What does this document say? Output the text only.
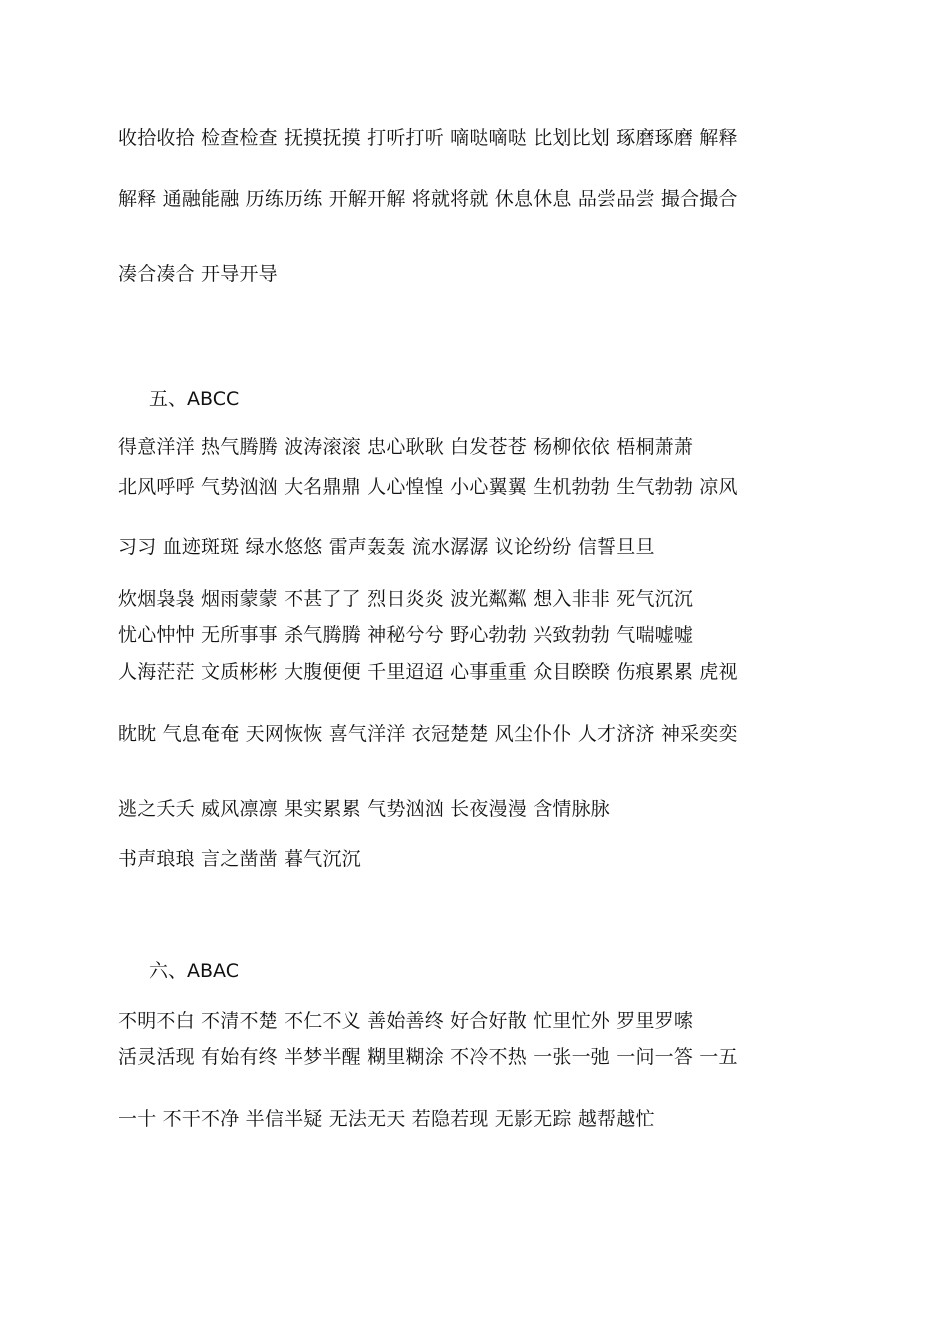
收拾收拾 检查检查 抚摸抚摸 打听打听 嘀哒嘀哒 比划比划 琢磨琢磨 解释
解释 通融能融 历练历练 开解开解 将就将就 休息休息 品尝品尝 撮合撮合
凑合凑合 开导开导
五、ABCC
得意洋洋 热气腾腾 波涛滚滚 忠心耿耿 白发苍苍 杨柳依依 梧桐萧萧
北风呼呼 气势汹汹 大名鼎鼎 人心惶惶 小心翼翼 生机勃勃 生气勃勃 凉风
习习 血迹斑斑 绿水悠悠 雷声轰轰 流水潺潺 议论纷纷 信誓旦旦
炊烟袅袅 烟雨蒙蒙 不甚了了 烈日炎炎 波光粼粼 想入非非 死气沉沉
忧心忡忡 无所事事 杀气腾腾 神秘兮兮 野心勃勃 兴致勃勃 气喘嘘嘘
人海茫茫 文质彬彬 大腹便便 千里迢迢 心事重重 众目睽睽 伤痕累累 虎视
眈眈 气息奄奄 天网恢恢 喜气洋洋 衣冠楚楚 风尘仆仆 人才济济 神采奕奕
逃之夭夭 威风凛凛 果实累累 气势汹汹 长夜漫漫 含情脉脉
书声琅琅 言之凿凿 暮气沉沉
六、ABAC
不明不白 不清不楚 不仁不义 善始善终 好合好散 忙里忙外 罗里罗嗦
活灵活现 有始有终 半梦半醒 糊里糊涂 不冷不热 一张一弛 一问一答 一五
一十 不干不净 半信半疑 无法无天 若隐若现 无影无踪 越帮越忙
